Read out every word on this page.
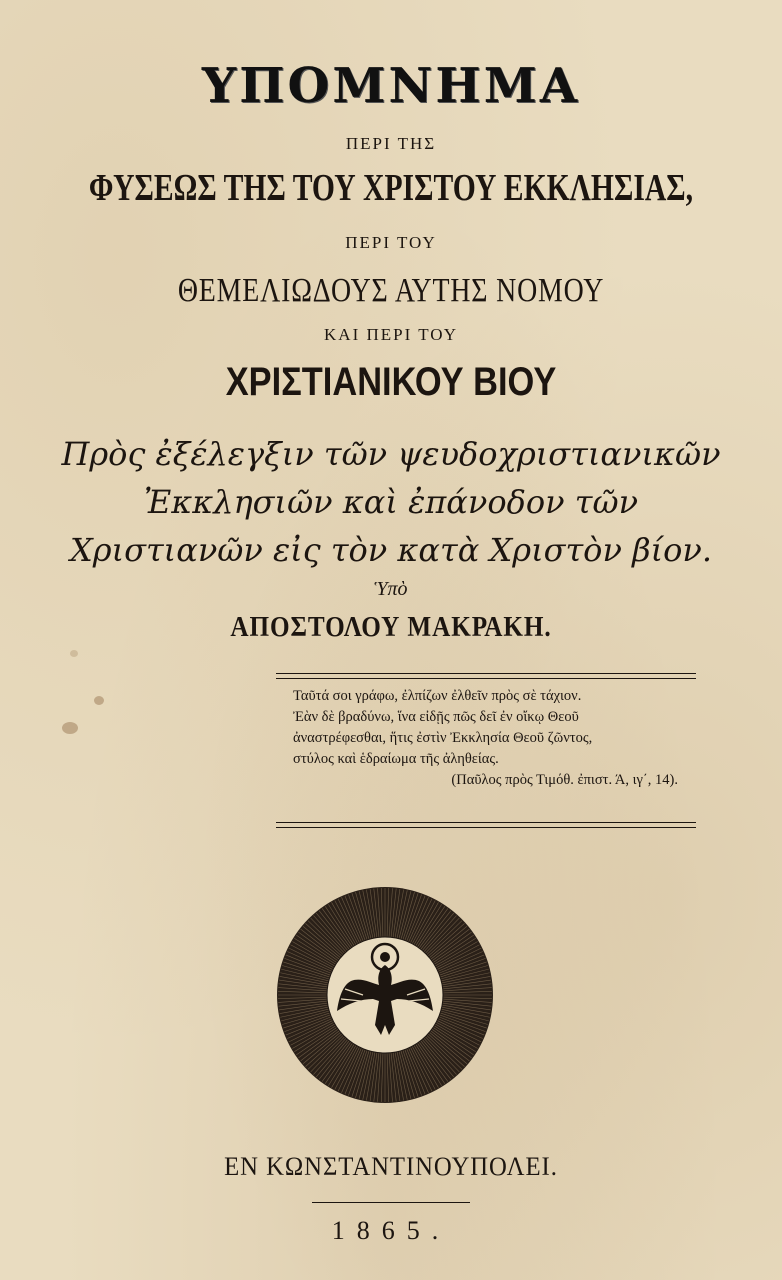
ΥΠΟΜΝΗΜΑ
ΠΕΡΙ ΤΗΣ
ΦΥΣΕΩΣ ΤΗΣ ΤΟΥ ΧΡΙΣΤΟΥ ΕΚΚΛΗΣΙΑΣ,
ΠΕΡΙ ΤΟΥ
ΘΕΜΕΛΙΩΔΟΥΣ ΑΥΤΗΣ ΝΟΜΟΥ
ΚΑΙ ΠΕΡΙ ΤΟΥ
ΧΡΙΣΤΙΑΝΙΚΟΥ ΒΙΟΥ
Πρὸς ἐξέλεγξιν τῶν ψευδοχριστιανικῶν Ἐκκλησιῶν καὶ ἐπάνοδον τῶν Χριστιανῶν εἰς τὸν κατὰ Χριστὸν βίον.
Ὑπὸ
ΑΠΟΣΤΟΛΟΥ ΜΑΚΡΑΚΗ.
Ταῦτά σοι γράφω, ἐλπίζων ἐλθεῖν πρὸς σὲ τάχιον.
Ἐὰν δὲ βραδύνω, ἵνα εἰδῇς πῶς δεῖ ἐν οἴκῳ Θεοῦ
ἀναστρέφεσθαι, ἥτις ἐστὶν Ἐκκλησία Θεοῦ ζῶντος,
στύλος καὶ ἑδραίωμα τῆς ἀληθείας.
(Παῦλος πρὸς Τιμόθ. ἐπιστ. Ά, ιγ΄, 14).
ΕΝ ΚΩΝΣΤΑΝΤΙΝΟΥΠΟΛΕΙ.
1865.
